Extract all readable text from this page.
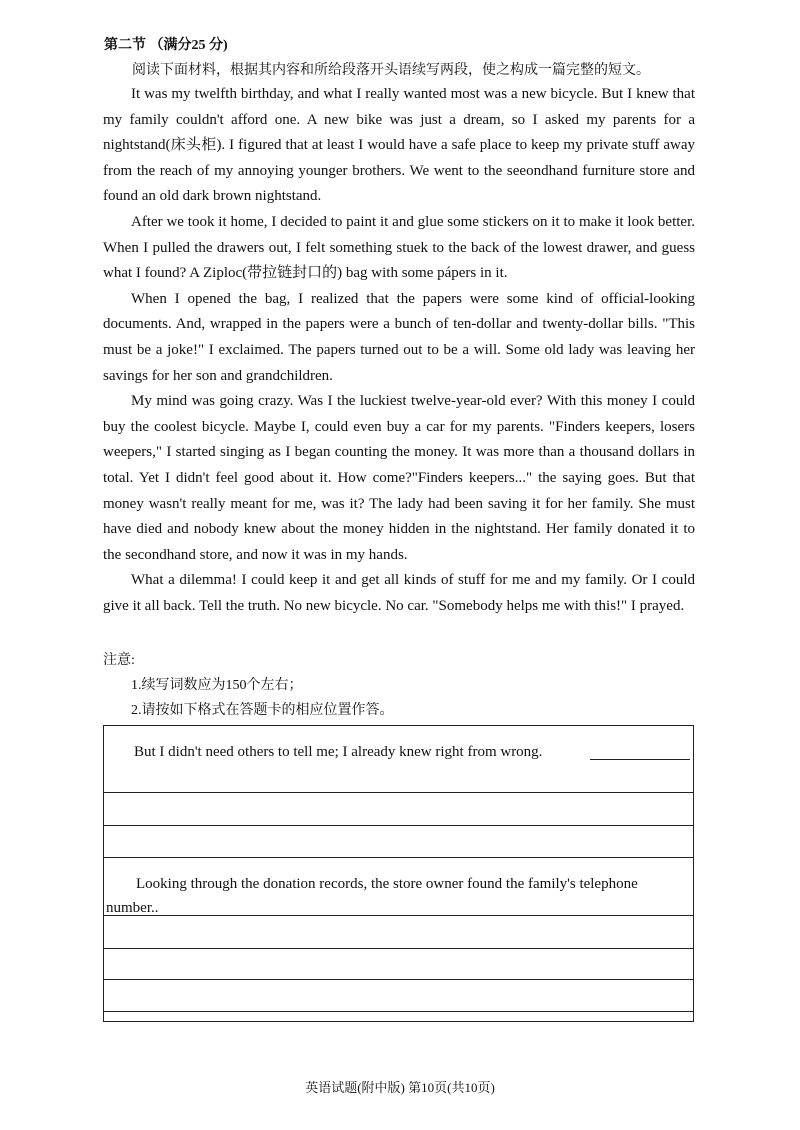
第二节 （满分25 分)
阅读下面材料，根据其内容和所给段落开头语续写两段，使之构成一篇完整的短文。

It was my twelfth birthday, and what I really wanted most was a new bicycle. But I knew that my family couldn't afford one. A new bike was just a dream, so I asked my parents for a nightstand(床头柜). I figured that at least I would have a safe place to keep my private stuff away from the reach of my annoying younger brothers. We went to the seeondhand furniture store and found an old dark brown nightstand.

After we took it home, I decided to paint it and glue some stickers on it to make it look better. When I pulled the drawers out, I felt something stuek to the back of the lowest drawer, and guess what I found? A Ziploc(带拉链封口的) bag with some pápers in it.

When I opened the bag, I realized that the papers were some kind of official-looking documents. And, wrapped in the papers were a bunch of ten-dollar and twenty-dollar bills. "This must be a joke!" I exclaimed. The papers turned out to be a will. Some old lady was leaving her savings for her son and grandchildren.

My mind was going crazy. Was I the luckiest twelve-year-old ever? With this money I could buy the coolest bicycle. Maybe I, could even buy a car for my parents. "Finders keepers, losers weepers," I started singing as I began counting the money. It was more than a thousand dollars in total. Yet I didn't feel good about it. How come?"Finders keepers..." the saying goes. But that money wasn't really meant for me, was it? The lady had been saving it for her family. She must have died and nobody knew about the money hidden in the nightstand. Her family donated it to the secondhand store, and now it was in my hands.

What a dilemma! I could keep it and get all kinds of stuff for me and my family. Or I could give it all back. Tell the truth. No new bicycle. No car. "Somebody helps me with this!" I prayed.

注意:
1.续写词数应为150个左右；
2.请按如下格式在答题卡的相应位置作答。
But I didn't need others to tell me; I already knew right from wrong.
Looking through the donation records, the store owner found the family's telephone
number..
英语试题(附中版) 第10页(共10页)
